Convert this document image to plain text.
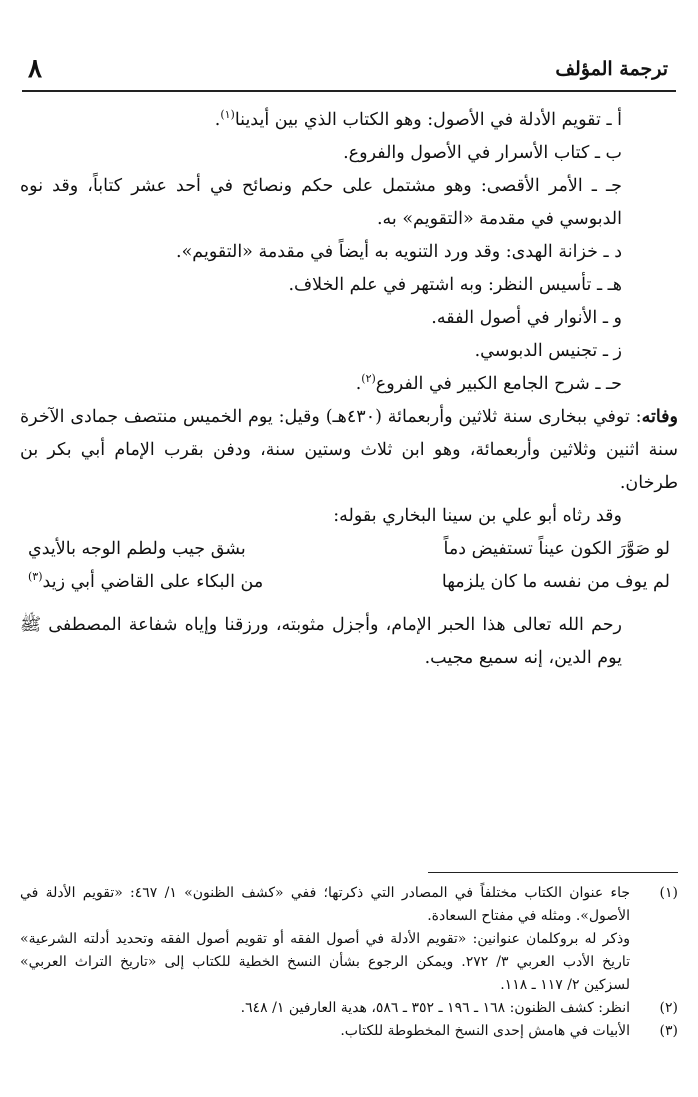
٨	ترجمة المؤلف

أ ـ تقويم الأدلة في الأصول: وهو الكتاب الذي بين أيدينا$^{(١)}$.

ب ـ كتاب الأسرار في الأصول والفروع.

جـ ـ الأمر الأقصى: وهو مشتمل على حكم ونصائح في أحد عشر كتاباً، وقد نوه الدبوسي في مقدمة «التقويم» به.

د ـ خزانة الهدى: وقد ورد التنويه به أيضاً في مقدمة «التقويم».

هـ ـ تأسيس النظر: وبه اشتهر في علم الخلاف.

و ـ الأنوار في أصول الفقه.

ز ـ تجنيس الدبوسي.

حـ ـ شرح الجامع الكبير في الفروع$^{(٢)}$.

وفاته: توفي ببخارى سنة ثلاثين وأربعمائة (٤٣٠هـ) وقيل: يوم الخميس منتصف جمادى الآخرة سنة اثنين وثلاثين وأربعمائة، وهو ابن ثلاث وستين سنة، ودفن بقرب الإمام أبي بكر بن طرخان.

وقد رثاه أبو علي بن سينا البخاري بقوله:

لو صَوَّرَ الكون عيناً تستفيض دماً
بشق جيب ولطم الوجه بالأيدي

لم يوف من نفسه ما كان يلزمها
من البكاء على القاضي أبي زيد$^{(٣)}$

رحم الله تعالى هذا الحبر الإمام، وأجزل مثوبته، ورزقنا وإياه شفاعة المصطفى ﷺ يوم الدين، إنه سميع مجيب.

(١)
جاء عنوان الكتاب مختلفاً في المصادر التي ذكرتها؛ ففي «كشف الظنون» ١/ ٤٦٧: «تقويم الأدلة في الأصول». ومثله في مفتاح السعادة.
وذكر له بروكلمان عنوانين: «تقويم الأدلة في أصول الفقه أو تقويم أصول الفقه وتحديد أدلته الشرعية» تاريخ الأدب العربي ٣/ ٢٧٢. ويمكن الرجوع بشأن النسخ الخطية للكتاب إلى «تاريخ التراث العربي» لسزكين ٢/ ١١٧ ـ ١١٨.
(٢)
انظر: كشف الظنون: ١٦٨ ـ ١٩٦ ـ ٣٥٢ ـ ٥٨٦، هدية العارفين ١/ ٦٤٨.
(٣)
الأبيات في هامش إحدى النسخ المخطوطة للكتاب.
